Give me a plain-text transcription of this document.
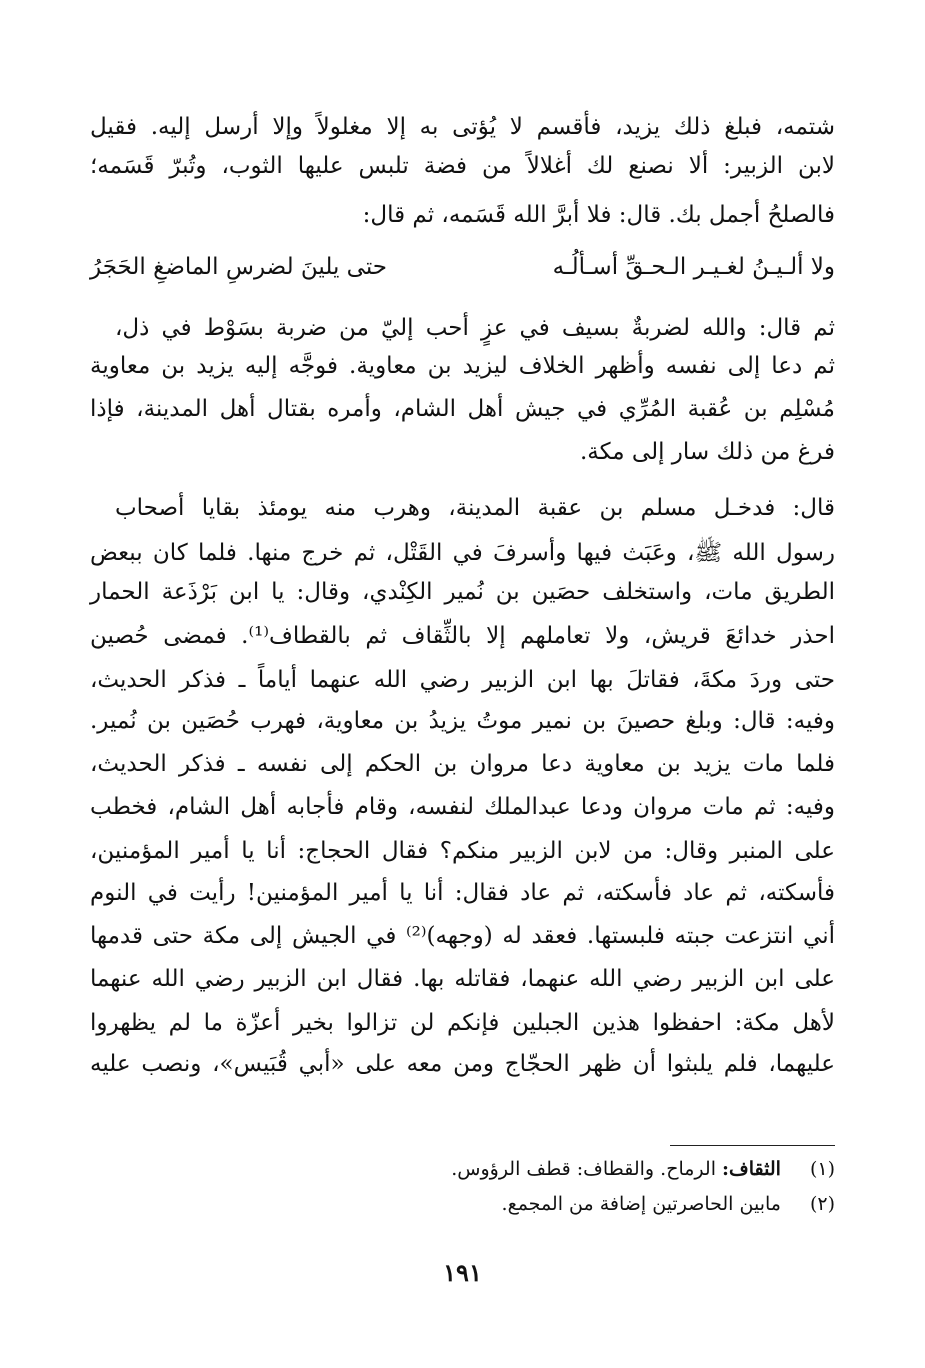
شتمه، فبلغ ذلك يزيد، فأقسم لا يُؤتى به إلا مغلولاً وإلا أرسل إليه. فقيل
لابن الزبير: ألا نصنع لك أغلالاً من فضة تلبس عليها الثوب، وتُبرّ قَسَمه؛
فالصلحُ أجمل بك. قال: فلا أبرَّ الله قَسَمه، ثم قال:
ولا ألـيـنُ لغـيـر الـحـقِّ أسـألُـه
حتى يلينَ لضرسِ الماضغِ الحَجَرُ
ثم قال: والله لضربةٌ بسيف في عزٍ أحب إليّ من ضربة بسَوْط في ذل،
ثم دعا إلى نفسه وأظهر الخلاف ليزيد بن معاوية. فوجَّه إليه يزيد بن معاوية
مُسْلِم بن عُقبة المُرِّي في جيش أهل الشام، وأمره بقتال أهل المدينة، فإذا
فرغ من ذلك سار إلى مكة.
قال: فدخـل مسلم بن عقبة المدينة، وهرب منه يومئذ بقايا أصحاب
رسول الله ﷺ، وعَبَث فيها وأسرفَ في القَتْل، ثم خرج منها. فلما كان ببعض
الطريق مات، واستخلف حصَين بن نُمير الكِنْدي، وقال: يا ابن بَرْذَعة الحمار
احذر خدائعَ قريش، ولا تعاملهم إلا بالثِّقاف ثم بالقطاف⁽¹⁾. فمضى حُصين
حتى وردَ مكةَ، فقاتلَ بها ابن الزبير رضي الله عنهما أياماً ـ فذكر الحديث،
وفيه: قال: وبلغ حصينَ بن نمير موتُ يزيدُ بن معاوية، فهرب حُصَين بن نُمير.
فلما مات يزيد بن معاوية دعا مروان بن الحكم إلى نفسه ـ فذكر الحديث،
وفيه: ثم مات مروان ودعا عبدالملك لنفسه، وقام فأجابه أهل الشام، فخطب
على المنبر وقال: من لابن الزبير منكم؟ فقال الحجاج: أنا يا أمير المؤمنين،
فأسكته، ثم عاد فأسكته، ثم عاد فقال: أنا يا أمير المؤمنين! رأيت في النوم
أني انتزعت جبته فلبستها. فعقد له (وجهه)⁽²⁾ في الجيش إلى مكة حتى قدمها
على ابن الزبير رضي الله عنهما، فقاتله بها. فقال ابن الزبير رضي الله عنهما
لأهل مكة: احفظوا هذين الجبلين فإنكم لن تزالوا بخير أعزّة ما لم يظهروا
عليهما، فلم يلبثوا أن ظهر الحجّاج ومن معه على «أبي قُبَيس»، ونصب عليه
(١) الثقاف: الرماح. والقطاف: قطف الرؤوس.
(٢) مابين الحاصرتين إضافة من المجمع.
١٩١
